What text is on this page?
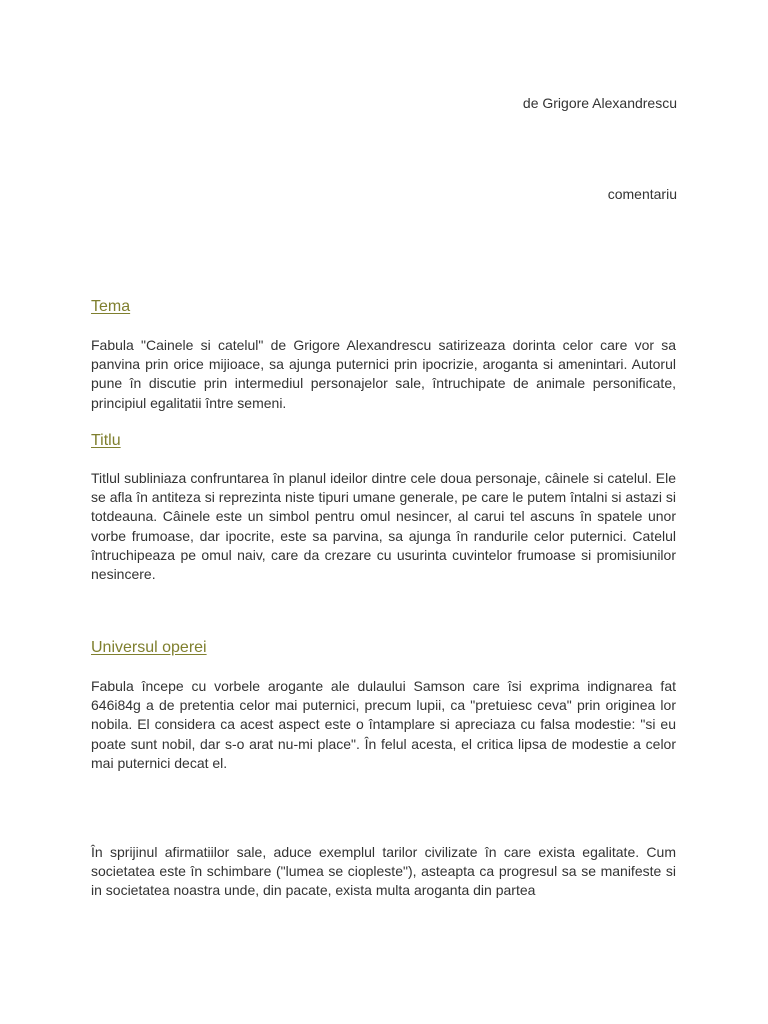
de Grigore Alexandrescu
comentariu
Tema

Fabula "Cainele si catelul" de Grigore Alexandrescu satirizeaza dorinta celor care vor sa panvina prin orice mijioace, sa ajunga puternici prin ipocrizie, aroganta si amenintari. Autorul pune în discutie prin intermediul personajelor sale, întruchipate de animale personificate, principiul egalitatii între semeni.

Titlu

Titlul subliniaza confruntarea în planul ideilor dintre cele doua personaje, câinele si catelul. Ele se afla în antiteza si reprezinta niste tipuri umane generale, pe care le putem întalni si astazi si totdeauna. Câinele este un simbol pentru omul nesincer, al carui tel ascuns în spatele unor vorbe frumoase, dar ipocrite, este sa parvina, sa ajunga în randurile celor puternici. Catelul întruchipeaza pe omul naiv, care da crezare cu usurinta cuvintelor frumoase si promisiunilor nesincere.

Universul operei

Fabula începe cu vorbele arogante ale dulaului Samson care îsi exprima indignarea fat 646i84g a de pretentia celor mai puternici, precum lupii, ca "pretuiesc ceva" prin originea lor nobila. El considera ca acest aspect este o întamplare si apreciaza cu falsa modestie: "si eu poate sunt nobil, dar s-o arat nu-mi place". În felul acesta, el critica lipsa de modestie a celor mai puternici decat el.

În sprijinul afirmatiilor sale, aduce exemplul tarilor civilizate în care exista egalitate. Cum societatea este în schimbare ("lumea se ciopleste"), asteapta ca progresul sa se manifeste si in societatea noastra unde, din pacate, exista multa aroganta din partea
